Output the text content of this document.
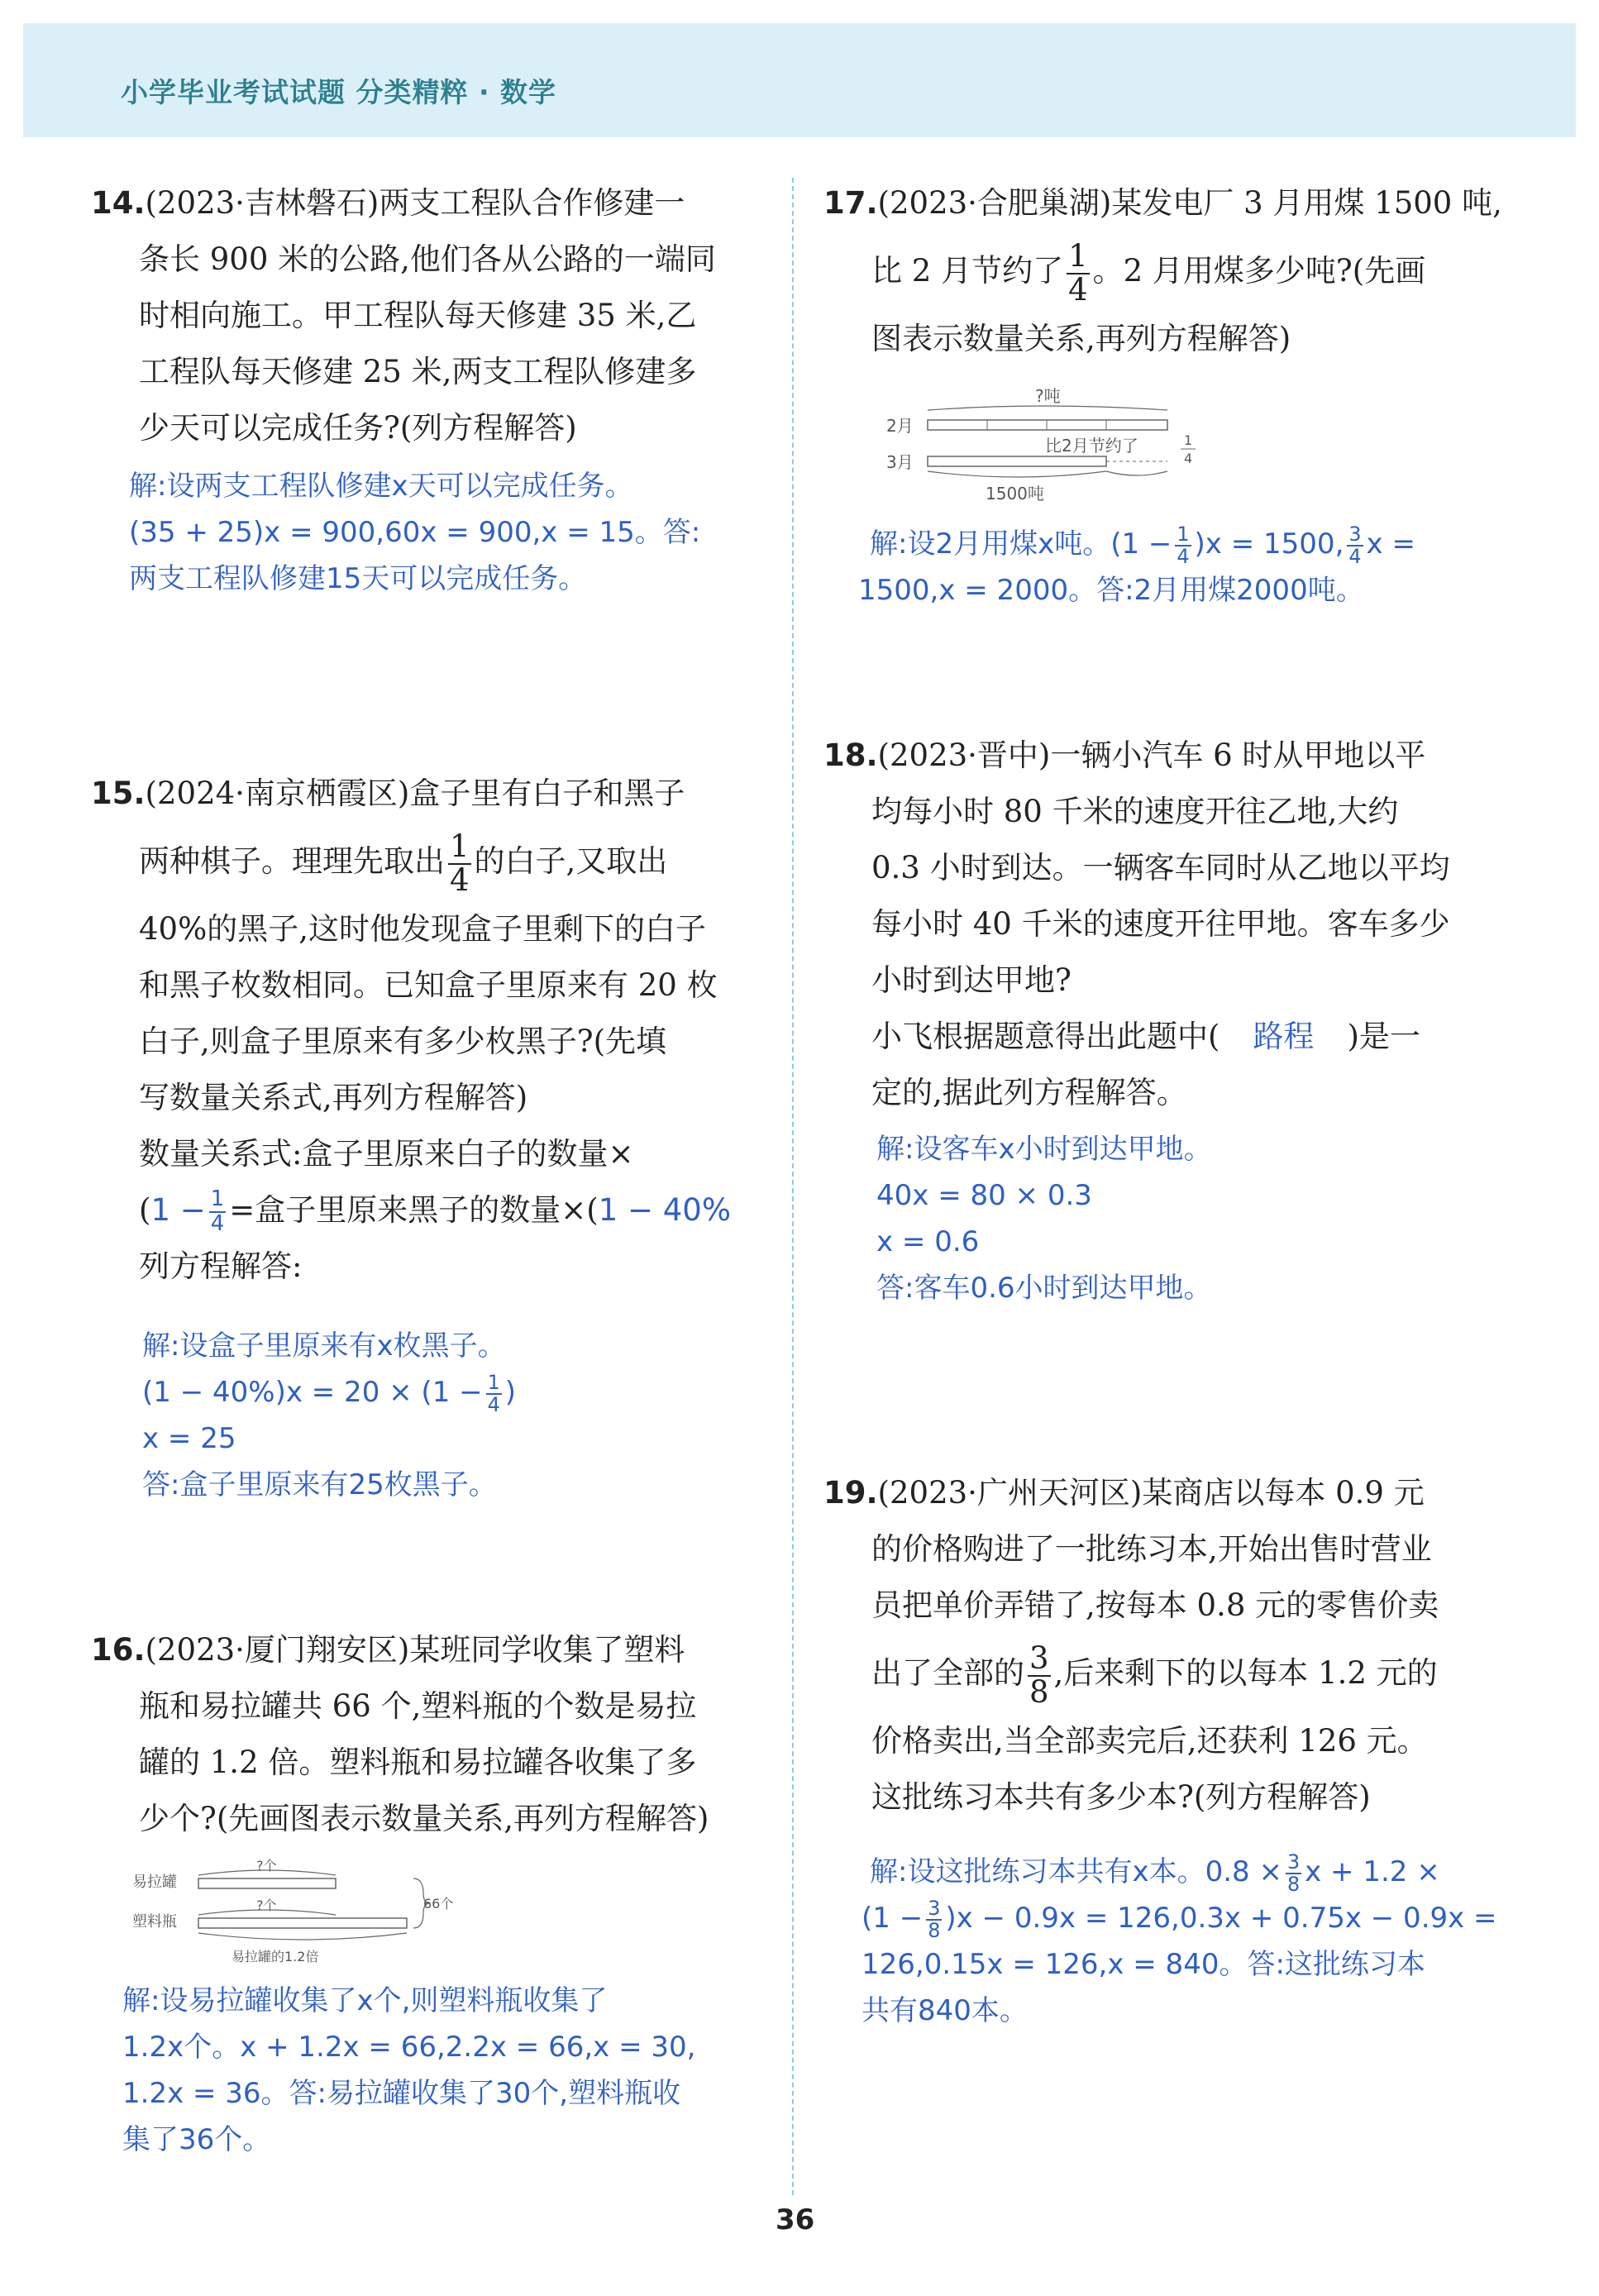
小学毕业考试试题 分类精粹 · 数学
14.(2023·吉林磐石)两支工程队合作修建一
条长 900 米的公路,他们各从公路的一端同
时相向施工。甲工程队每天修建 35 米,乙
工程队每天修建 25 米,两支工程队修建多
少天可以完成任务?(列方程解答)
解:设两支工程队修建x天可以完成任务。
(35 + 25)x = 900,60x = 900,x = 15。答:
两支工程队修建15天可以完成任务。
15.(2024·南京栖霞区)盒子里有白子和黑子
两种棋子。理理先取出 $\frac{1}{4}$ 的白子,又取出
40%的黑子,这时他发现盒子里剩下的白子
和黑子枚数相同。已知盒子里原来有 20 枚
白子,则盒子里原来有多少枚黑子?(先填
写数量关系式,再列方程解答)
数量关系式:盒子里原来白子的数量×
($1 - \frac{1}{4}$ =盒子里原来黑子的数量×(1 − 40%
列方程解答:
解:设盒子里原来有x枚黑子。
$(1 - 40\%)x = 20 \times (1 - \frac{1}{4}$ )
x = 25
答:盒子里原来有25枚黑子。
16.(2023·厦门翔安区)某班同学收集了塑料
瓶和易拉罐共 66 个,塑料瓶的个数是易拉
罐的 1.2 倍。塑料瓶和易拉罐各收集了多
少个?(先画图表示数量关系,再列方程解答)
易拉罐
塑料瓶
?个
?个	66个
易拉罐的1.2倍
解:设易拉罐收集了x个,则塑料瓶收集了
1.2x个。x + 1.2x = 66,2.2x = 66,x = 30,
1.2x = 36。答:易拉罐收集了30个,塑料瓶收
集了36个。
17.(2023·合肥巢湖)某发电厂 3 月用煤 1500 吨,
比 2 月节约了 $\frac{1}{4}$ 。2 月用煤多少吨?(先画
图表示数量关系,再列方程解答)
?吨
2月
3月
比2月节约了	1
4
1500吨
解:设2月用煤x吨。$(1 - \frac{1}{4} )x = 1500$, $\frac{3}{4}$ x =
1500,x = 2000。答:2月用煤2000吨。
18.(2023·晋中)一辆小汽车 6 时从甲地以平
均每小时 80 千米的速度开往乙地,大约
0.3 小时到达。一辆客车同时从乙地以平均
每小时 40 千米的速度开往甲地。客车多少
小时到达甲地?
小飞根据题意得出此题中( 路程 )是一
定的,据此列方程解答。
解:设客车x小时到达甲地。
40x = 80 × 0.3
x = 0.6
答:客车0.6小时到达甲地。
19.(2023·广州天河区)某商店以每本 0.9 元
的价格购进了一批练习本,开始出售时营业
员把单价弄错了,按每本 0.8 元的零售价卖
出了全部的 $\frac{3}{8}$ ,后来剩下的以每本 1.2 元的
价格卖出,当全部卖完后,还获利 126 元。
这批练习本共有多少本?(列方程解答)
解:设这批练习本共有x本。$0.8 \times \frac{3}{8}$ x + 1.2 ×
$(1 - \frac{3}{8} )x - 0.9x = 126,0.3x + 0.75x - 0.9x$ =
126,0.15x = 126,x = 840。答:这批练习本
共有840本。
36
